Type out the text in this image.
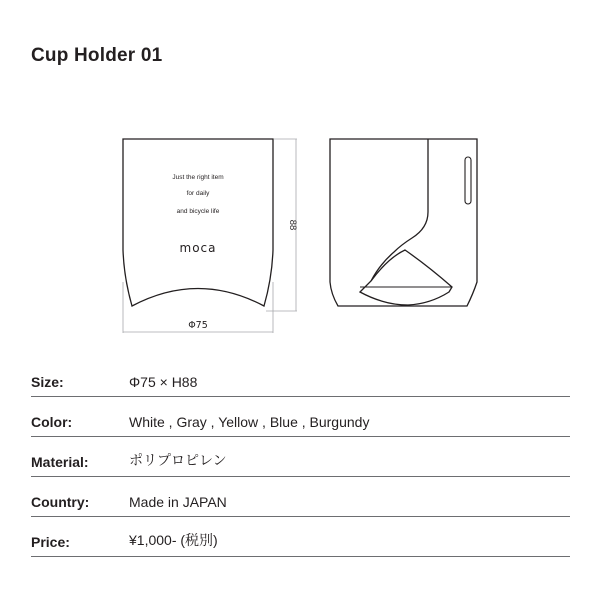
Cup Holder 01
Just the right item
for daily
and bicycle life
moca
88
Φ75
Size:	Φ75 × H88
Color:	White , Gray , Yellow , Blue , Burgundy
Material:	ポリプロピレン
Country:	Made in JAPAN
Price:	¥1,000- (税別)
